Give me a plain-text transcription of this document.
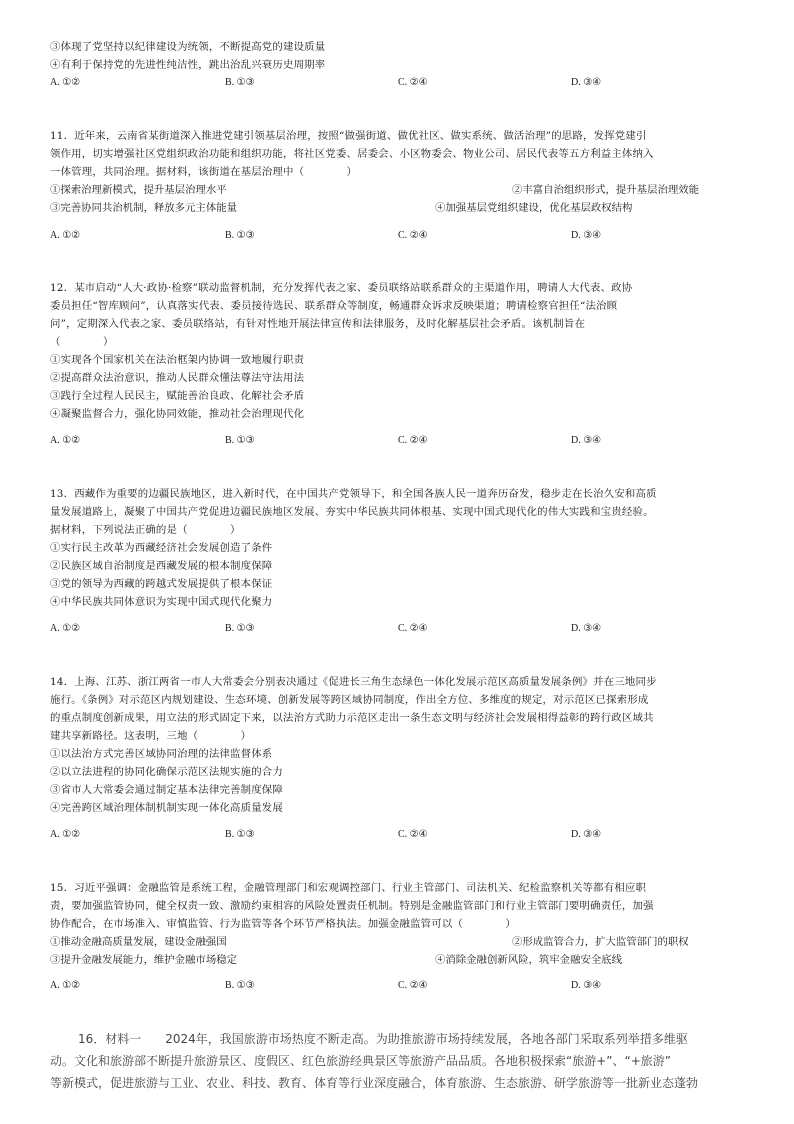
③体现了党坚持以纪律建设为统领，不断提高党的建设质量
④有利于保持党的先进性纯洁性，跳出治乱兴衰历史周期率
A. ①②	B. ①③	C. ②④	D. ③④
11．近年来，云南省某街道深入推进党建引领基层治理，按照“做强街道、做优社区、做实系统、做活治理”的思路，发挥党建引
领作用，切实增强社区党组织政治功能和组织功能，将社区党委、居委会、小区物委会、物业公司、居民代表等五方利益主体纳入
一体管理，共同治理。据材料，该街道在基层治理中（　　　　）
①探索治理新模式，提升基层治理水平	②丰富自治组织形式，提升基层治理效能
③完善协同共治机制，释放多元主体能量	④加强基层党组织建设，优化基层政权结构
A. ①②	B. ①③	C. ②④	D. ③④
12．某市启动“人大·政协·检察”联动监督机制，充分发挥代表之家、委员联络站联系群众的主渠道作用，聘请人大代表、政协
委员担任“智库顾问”，认真落实代表、委员接待选民、联系群众等制度，畅通群众诉求反映渠道；聘请检察官担任“法治顾
问”，定期深入代表之家、委员联络站，有针对性地开展法律宣传和法律服务，及时化解基层社会矛盾。该机制旨在
（　　　　）
①实现各个国家机关在法治框架内协调一致地履行职责
②提高群众法治意识，推动人民群众懂法尊法守法用法
③践行全过程人民民主，赋能善治良政、化解社会矛盾
④凝聚监督合力，强化协同效能，推动社会治理现代化
A. ①②	B. ①③	C. ②④	D. ③④
13．西藏作为重要的边疆民族地区，进入新时代，在中国共产党领导下，和全国各族人民一道奔历奋发，稳步走在长治久安和高质
量发展道路上，凝聚了中国共产党促进边疆民族地区发展、夯实中华民族共同体根基、实现中国式现代化的伟大实践和宝贵经验。
据材料，下列说法正确的是（　　　　）
①实行民主改革为西藏经济社会发展创造了条件
②民族区域自治制度是西藏发展的根本制度保障
③党的领导为西藏的跨越式发展提供了根本保证
④中华民族共同体意识为实现中国式现代化聚力
A. ①②	B. ①③	C. ②④	D. ③④
14．上海、江苏、浙江两省一市人大常委会分别表决通过《促进长三角生态绿色一体化发展示范区高质量发展条例》并在三地同步
施行。《条例》对示范区内规划建设、生态环境、创新发展等跨区域协同制度，作出全方位、多维度的规定，对示范区已探索形成
的重点制度创新成果，用立法的形式固定下来，以法治方式助力示范区走出一条生态文明与经济社会发展相得益彰的跨行政区域共
建共享新路径。这表明，三地（　　　　）
①以法治方式完善区域协同治理的法律监督体系
②以立法进程的协同化确保示范区法规实施的合力
③省市人大常委会通过制定基本法律完善制度保障
④完善跨区域治理体制机制实现一体化高质量发展
A. ①②	B. ①③	C. ②④	D. ③④
15．习近平强调：金融监管是系统工程，金融管理部门和宏观调控部门、行业主管部门、司法机关、纪检监察机关等都有相应职
责，要加强监管协同，健全权责一致、激励约束相容的风险处置责任机制。特别是金融监管部门和行业主管部门要明确责任，加强
协作配合，在市场准入、审慎监管、行为监管等各个环节严格执法。加强金融监管可以（　　　　）
①推动金融高质量发展，建设金融强国	②形成监管合力，扩大监管部门的职权
③提升金融发展能力，维护金融市场稳定	④消除金融创新风险，筑牢金融安全底线
A. ①②	B. ①③	C. ②④	D. ③④
16．材料一　　2024年，我国旅游市场热度不断走高。为助推旅游市场持续发展，各地各部门采取系列举措多维驱
动。文化和旅游部不断提升旅游景区、度假区、红色旅游经典景区等旅游产品品质。各地积极探索“旅游+”、“+旅游”
等新模式，促进旅游与工业、农业、科技、教育、体育等行业深度融合，体育旅游、生态旅游、研学旅游等一批新业态蓬勃
